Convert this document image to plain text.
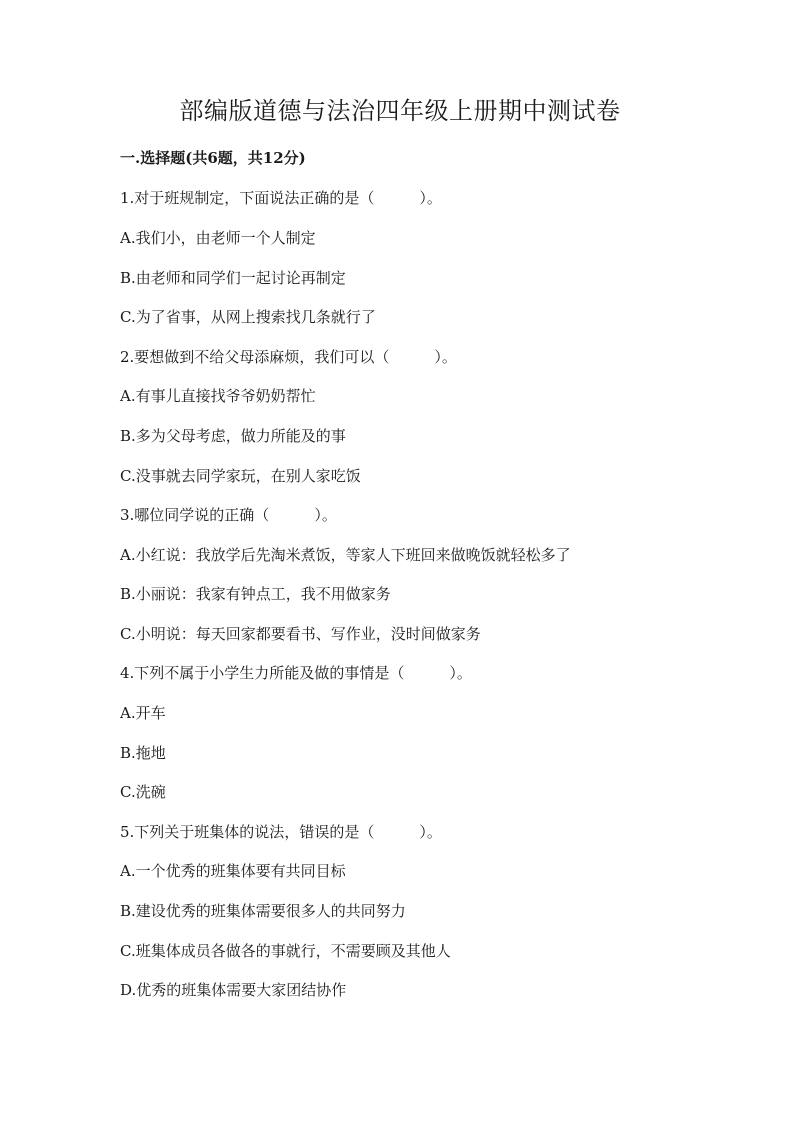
部编版道德与法治四年级上册期中测试卷
一.选择题(共6题，共12分)
1.对于班规制定，下面说法正确的是（　　　）。
A.我们小，由老师一个人制定
B.由老师和同学们一起讨论再制定
C.为了省事，从网上搜索找几条就行了
2.要想做到不给父母添麻烦，我们可以（　　　）。
A.有事儿直接找爷爷奶奶帮忙
B.多为父母考虑，做力所能及的事
C.没事就去同学家玩，在别人家吃饭
3.哪位同学说的正确（　　　）。
A.小红说：我放学后先淘米煮饭，等家人下班回来做晚饭就轻松多了
B.小丽说：我家有钟点工，我不用做家务
C.小明说：每天回家都要看书、写作业，没时间做家务
4.下列不属于小学生力所能及做的事情是（　　　）。
A.开车
B.拖地
C.洗碗
5.下列关于班集体的说法，错误的是（　　　）。
A.一个优秀的班集体要有共同目标
B.建设优秀的班集体需要很多人的共同努力
C.班集体成员各做各的事就行，不需要顾及其他人
D.优秀的班集体需要大家团结协作
